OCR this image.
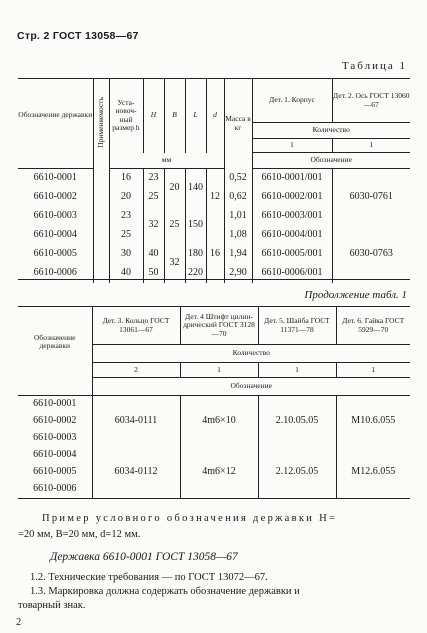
Стр. 2 ГОСТ 13058—67
Таблица 1
Обозначение державки	Применяемость	Уста-новоч-ный размер h	H	B	L	d	Масса в кг	Дет. 1. Корпус	Дет. 2. Ось ГОСТ 13060—67
								Количество	
								1	1
		мм						Обозначение	
6610-0001		16	23	20	140	12	0,52	6610-0001/001	6030-0761
6610-0002		20	25				0,62	6610-0002/001	
6610-0003		23	32	25	150		1,01	6610-0003/001	
6610-0004		25				16	1,08	6610-0004/001	6030-0763
6610-0005		30	40	32	180		1,94	6610-0005/001	
6610-0006		40	50		220		2,90	6610-0006/001	
Продолжение табл. 1
Обозначение державки	Дет. 3. Кольцо ГОСТ 13061—67	Дет. 4 Штифт цилин-дрический ГОСТ 3128—70	Дет. 5. Шайба ГОСТ 11371—78	Дет. 6. Гайка ГОСТ 5929—70
	Количество			
	2	1	1	1
	Обозначение			
6610-0001	6034-0111	4m6×10	2.10.05.05	M10.6.055
6610-0002				
6610-0003				
6610-0004	6034-0112	4m6×12	2.12.05.05	M12.6.055
6610-0005				
6610-0006				
Пример условного обозначения державки H=
=20 мм, B=20 мм, d=12 мм.
Державка 6610-0001 ГОСТ 13058—67
1.2. Технические требования — по ГОСТ 13072—67.
1.3. Маркировка должна содержать обозначение державки и
товарный знак.
2
